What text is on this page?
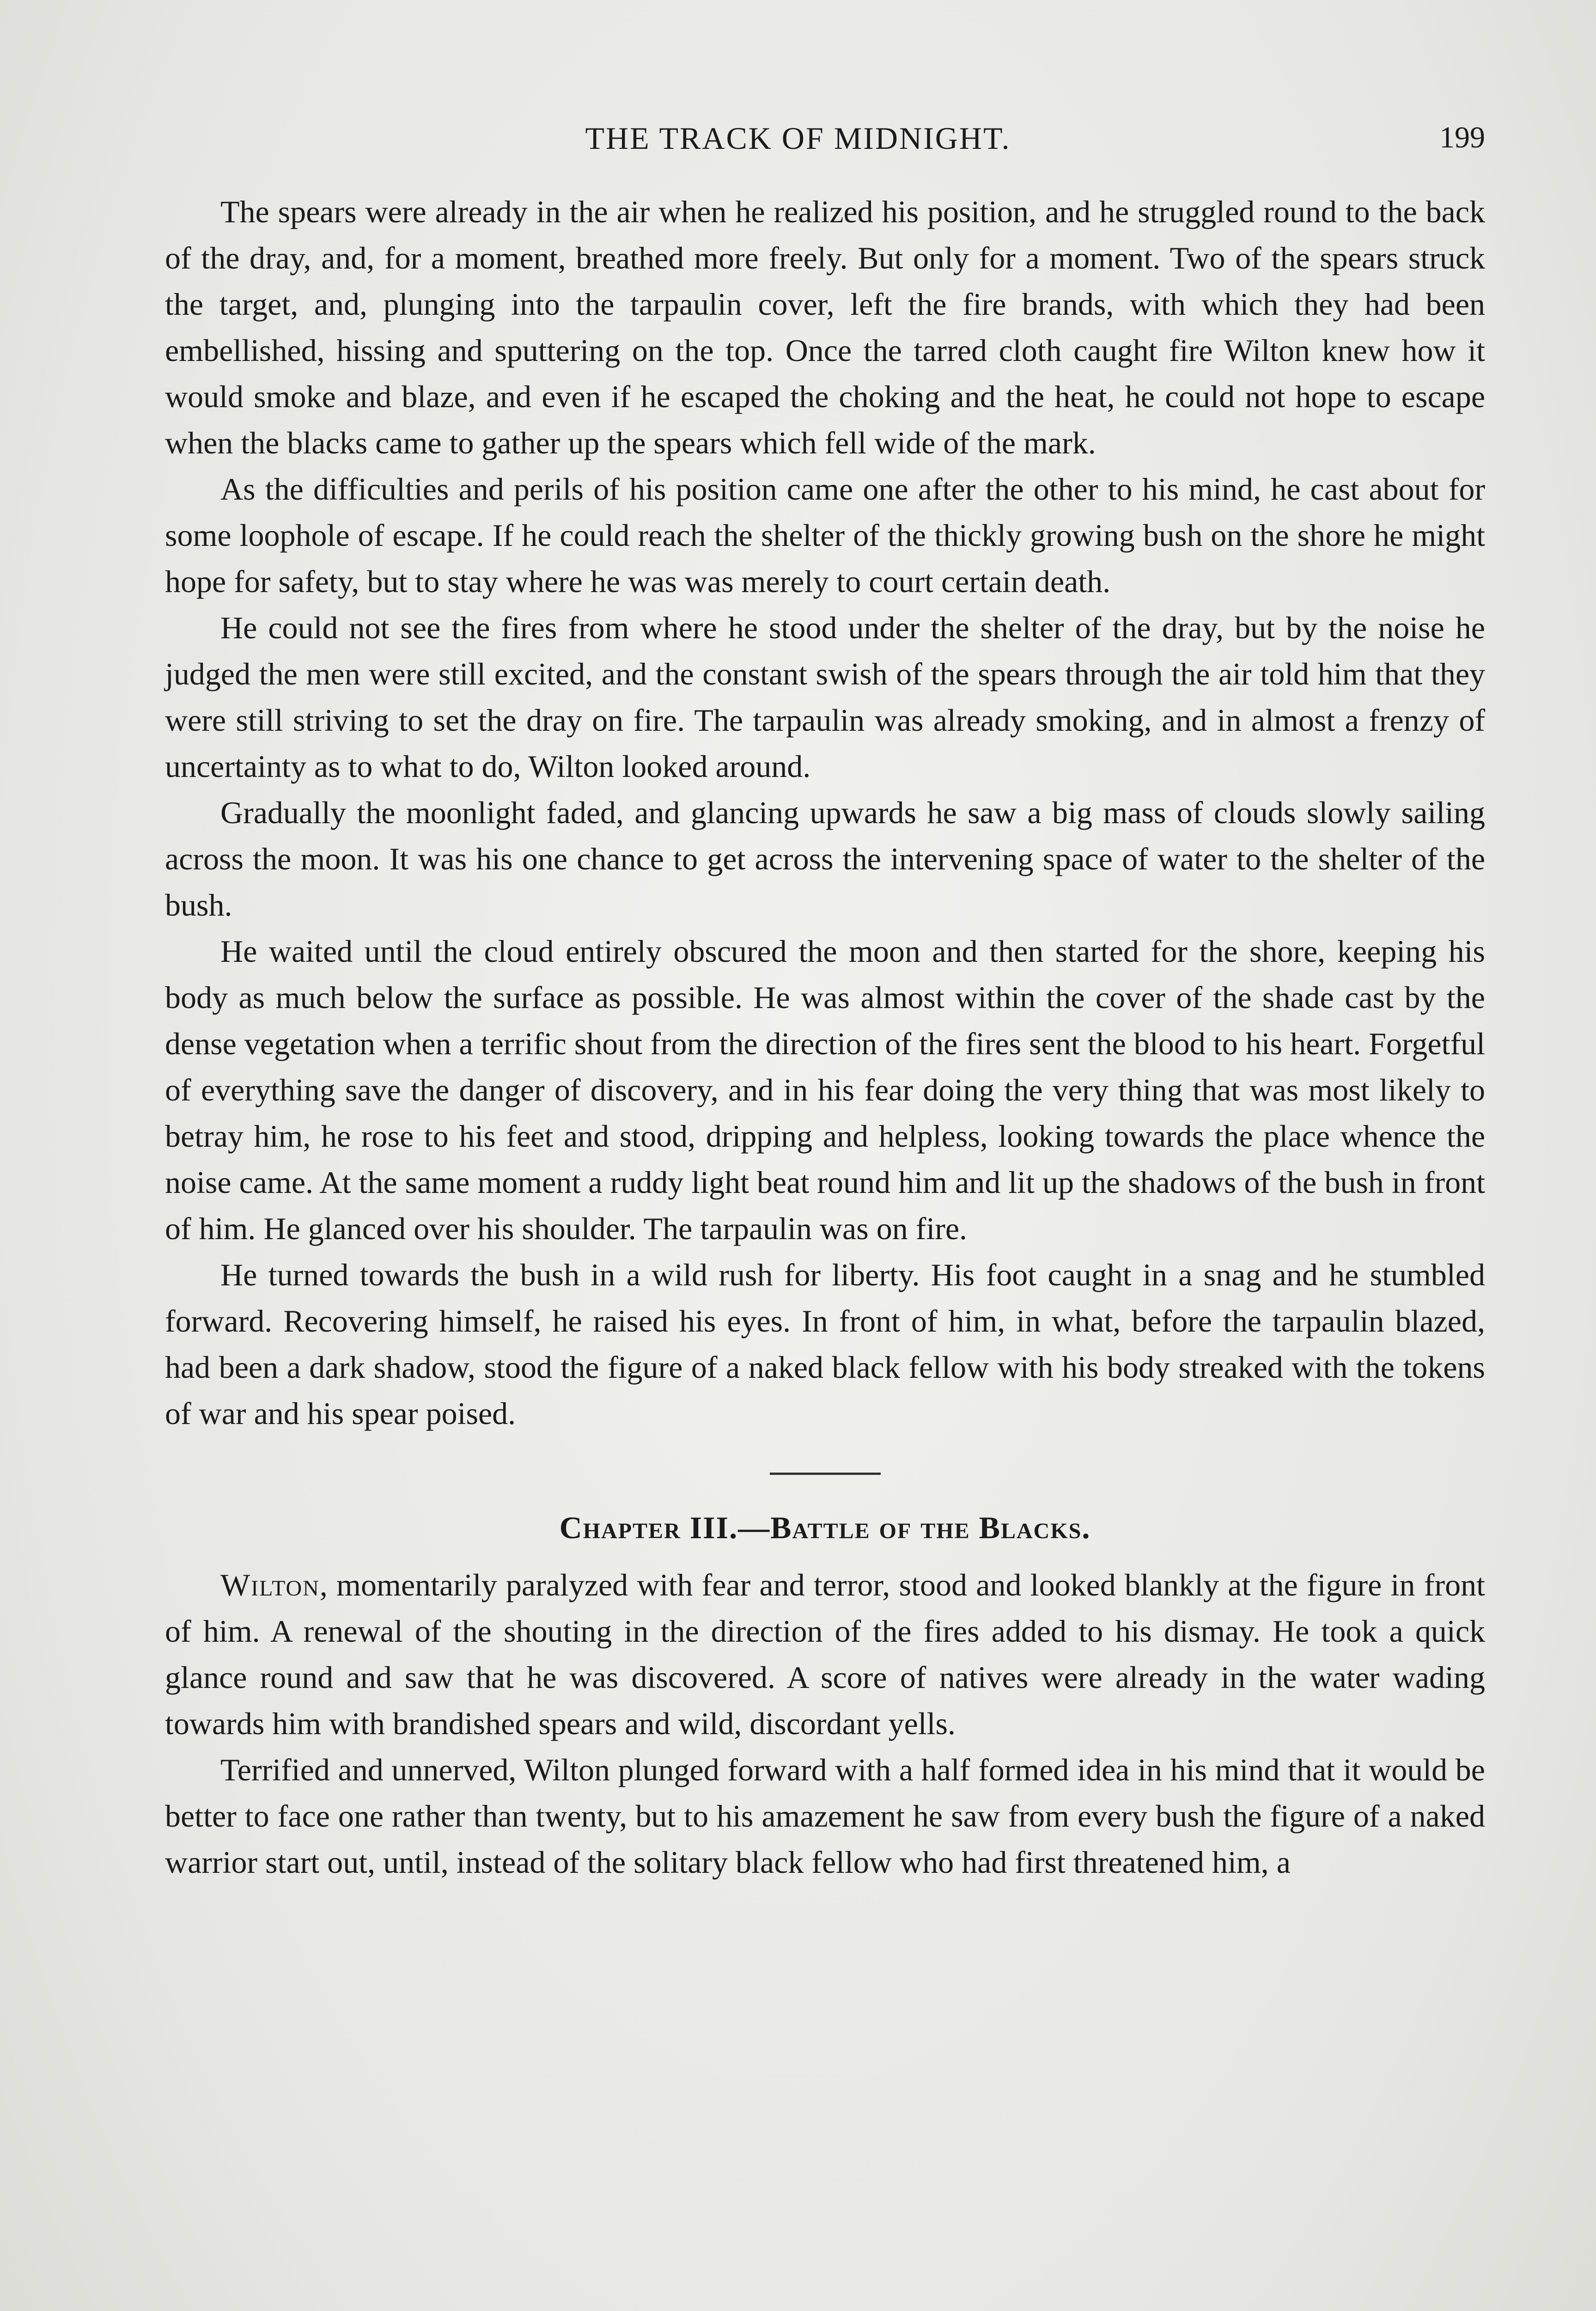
THE TRACK OF MIDNIGHT.	199

The spears were already in the air when he realized his position, and he struggled round to the back of the dray, and, for a moment, breathed more freely. But only for a moment. Two of the spears struck the target, and, plunging into the tarpaulin cover, left the fire brands, with which they had been embellished, hissing and sputtering on the top. Once the tarred cloth caught fire Wilton knew how it would smoke and blaze, and even if he escaped the choking and the heat, he could not hope to escape when the blacks came to gather up the spears which fell wide of the mark.

As the difficulties and perils of his position came one after the other to his mind, he cast about for some loophole of escape. If he could reach the shelter of the thickly growing bush on the shore he might hope for safety, but to stay where he was was merely to court certain death.

He could not see the fires from where he stood under the shelter of the dray, but by the noise he judged the men were still excited, and the constant swish of the spears through the air told him that they were still striving to set the dray on fire. The tarpaulin was already smoking, and in almost a frenzy of uncertainty as to what to do, Wilton looked around.

Gradually the moonlight faded, and glancing upwards he saw a big mass of clouds slowly sailing across the moon. It was his one chance to get across the intervening space of water to the shelter of the bush.

He waited until the cloud entirely obscured the moon and then started for the shore, keeping his body as much below the surface as possible. He was almost within the cover of the shade cast by the dense vegetation when a terrific shout from the direction of the fires sent the blood to his heart. Forgetful of everything save the danger of discovery, and in his fear doing the very thing that was most likely to betray him, he rose to his feet and stood, dripping and helpless, looking towards the place whence the noise came. At the same moment a ruddy light beat round him and lit up the shadows of the bush in front of him. He glanced over his shoulder. The tarpaulin was on fire.

He turned towards the bush in a wild rush for liberty. His foot caught in a snag and he stumbled forward. Recovering himself, he raised his eyes. In front of him, in what, before the tarpaulin blazed, had been a dark shadow, stood the figure of a naked black fellow with his body streaked with the tokens of war and his spear poised.

Chapter III.—Battle of the Blacks.

Wilton, momentarily paralyzed with fear and terror, stood and looked blankly at the figure in front of him. A renewal of the shouting in the direction of the fires added to his dismay. He took a quick glance round and saw that he was discovered. A score of natives were already in the water wading towards him with brandished spears and wild, discordant yells.

Terrified and unnerved, Wilton plunged forward with a half formed idea in his mind that it would be better to face one rather than twenty, but to his amazement he saw from every bush the figure of a naked warrior start out, until, instead of the solitary black fellow who had first threatened him, a
